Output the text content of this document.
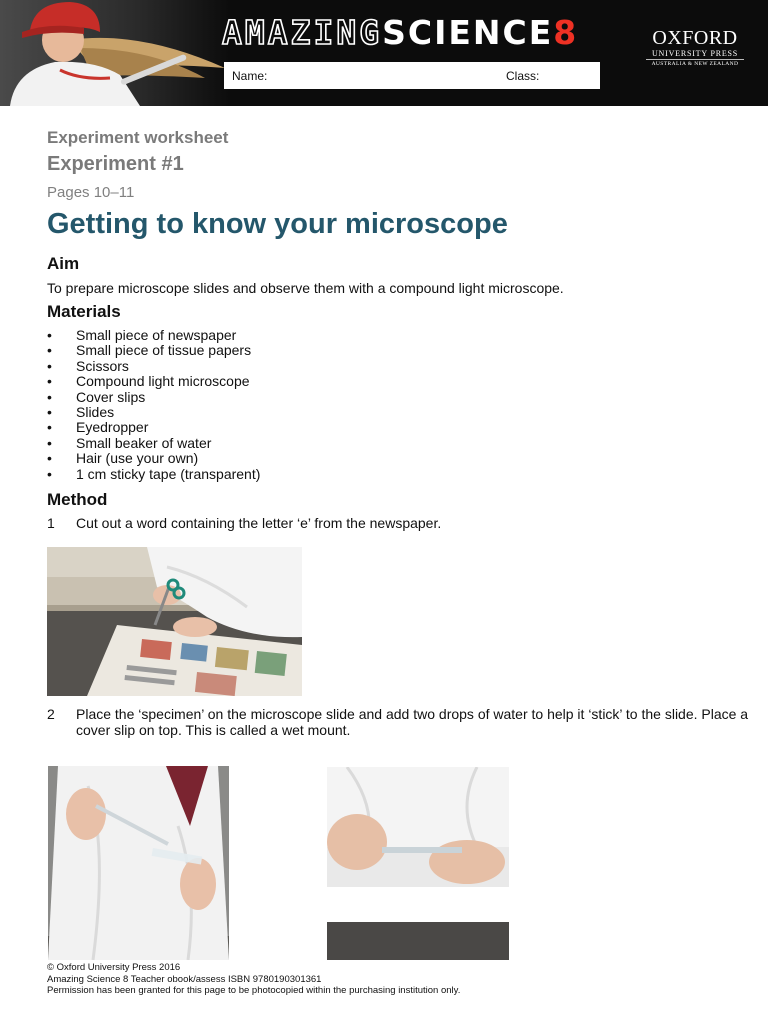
AMAZINGSCIENCE8
Name:	Class:
OXFORD
UNIVERSITY PRESS
AUSTRALIA & NEW ZEALAND

Experiment worksheet

Experiment #1

Pages 10–11

Getting to know your microscope
Aim

To prepare microscope slides and observe them with a compound light microscope.

Materials
• Small piece of newspaper
• Small piece of tissue papers
• Scissors
• Compound light microscope
• Cover slips
• Slides
• Eyedropper
• Small beaker of water
• Hair (use your own)
• 1 cm sticky tape (transparent)
Method
1 Cut out a word containing the letter ‘e’ from the newspaper.
2 Place the ‘specimen’ on the microscope slide and add two drops of water to help it ‘stick’ to the slide. Place a cover slip on top. This is called a wet mount.
© Oxford University Press 2016
Amazing Science 8 Teacher obook/assess ISBN 9780190301361
Permission has been granted for this page to be photocopied within the purchasing institution only.
